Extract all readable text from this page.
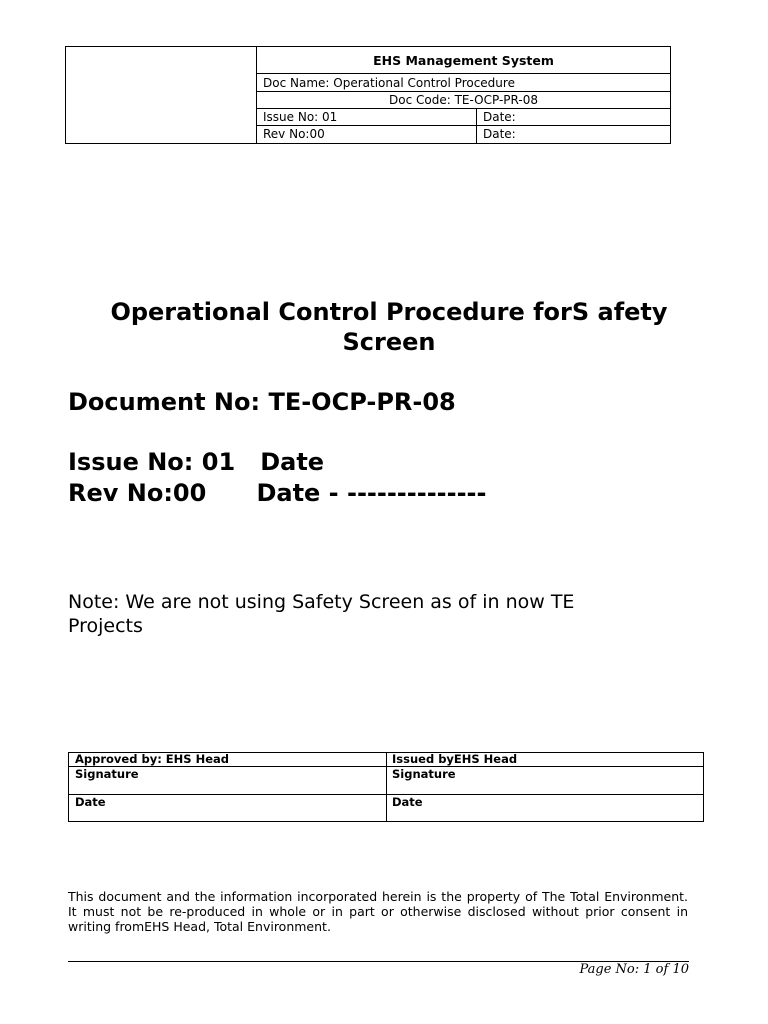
EHS Management System
Doc Name: Operational Control Procedure
Doc Code: TE-OCP-PR-08
Issue No: 01	Date:
Rev No:00	Date:
Operational Control Procedure forS afety
Screen
Document No: TE-OCP-PR-08
Issue No: 01   Date
Rev No:00      Date - --------------
Note: We are not using Safety Screen as of in now TE Projects
Approved by: EHS Head	Issued byEHS Head
Signature	Signature
Date	Date
This document and the information incorporated herein is the property of The Total Environment. It must not be re-produced in whole or in part or otherwise disclosed without prior consent in writing fromEHS Head, Total Environment.
Page No: 1 of 10
